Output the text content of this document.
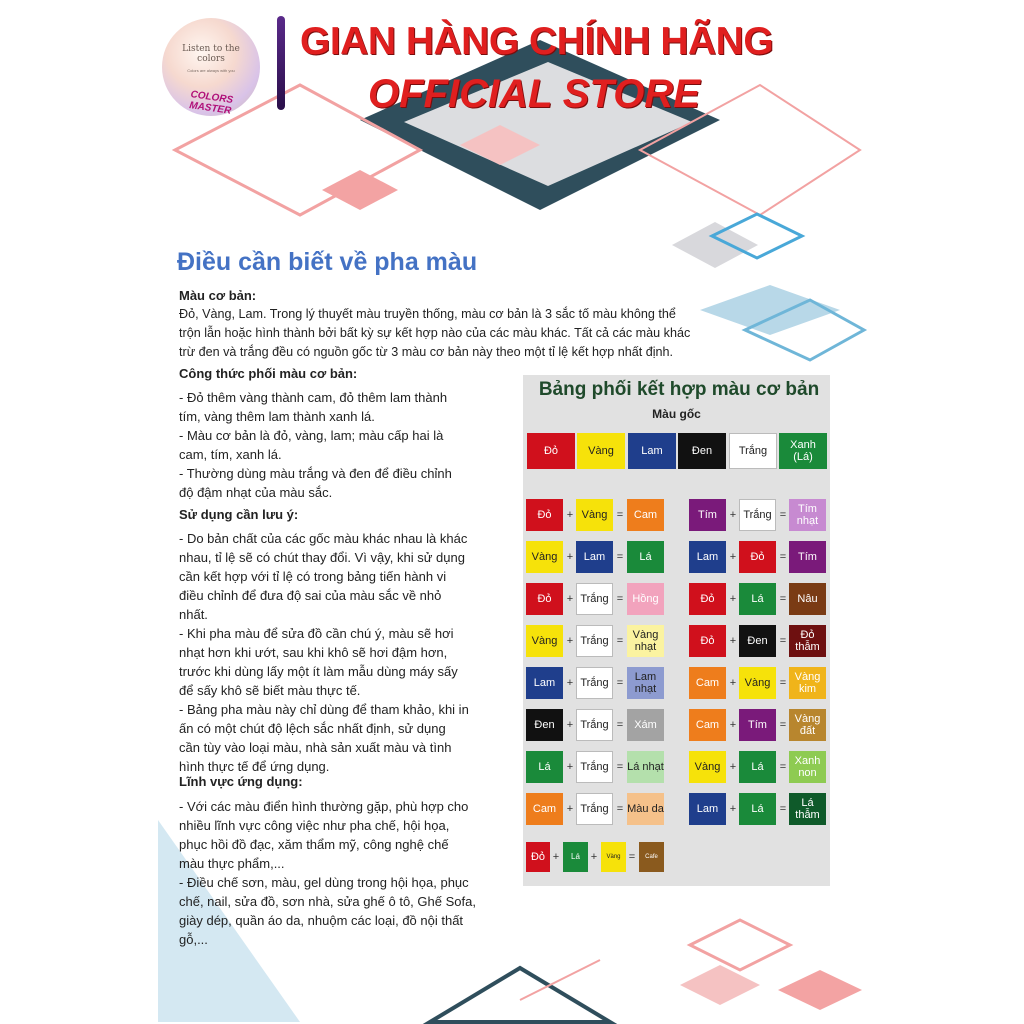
Listen to the
colors
Colors are always with you
COLORS MASTER
GIAN HÀNG CHÍNH HÃNG
OFFICIAL STORE
Điều cần biết về pha màu
Màu cơ bản:
Đỏ, Vàng, Lam. Trong lý thuyết màu truyền thống, màu cơ bản là 3 sắc tố màu không thể
trộn lẫn hoặc hình thành bởi bất kỳ sự kết hợp nào của các màu khác. Tất cả các màu khác
trừ đen và trắng đều có nguồn gốc từ 3 màu cơ bản này theo một tỉ lệ kết hợp nhất định.
Công thức phối màu cơ bản:
- Đỏ thêm vàng thành cam, đỏ thêm lam thành
tím, vàng thêm lam thành xanh lá.
- Màu cơ bản là đỏ, vàng, lam; màu cấp hai là
cam, tím, xanh lá.
- Thường dùng màu trắng và đen để điều chỉnh
độ đậm nhạt của màu sắc.
Sử dụng cần lưu ý:
- Do bản chất của các gốc màu khác nhau là khác
nhau, tỉ lệ sẽ có chút thay đổi. Vì vậy, khi sử dụng
cần kết hợp với tỉ lệ có trong bảng tiến hành vi
điều chỉnh để đưa độ sai của màu sắc về nhỏ
nhất.
- Khi pha màu để sửa đồ cần chú ý, màu sẽ hơi
nhạt hơn khi ướt, sau khi khô sẽ hơi đậm hơn,
trước khi dùng lấy một ít làm mẫu dùng máy sấy
để sấy khô sẽ biết màu thực tế.
- Bảng pha màu này chỉ dùng để tham khảo, khi in
ấn có một chút độ lệch sắc nhất định, sử dụng
cần tùy vào loại màu, nhà sản xuất màu và tình
hình thực tế để ứng dụng.
Lĩnh vực ứng dụng:
- Với các màu điển hình thường gặp, phù hợp cho
nhiều lĩnh vực công việc như pha chế, hội họa,
phục hồi đồ đạc, xăm thẩm mỹ, công nghệ chế
màu thực phẩm,...
- Điều chế sơn, màu, gel dùng trong hội họa, phục
chế, nail, sửa đồ, sơn nhà, sửa ghế ô tô, Ghế Sofa,
giày dép, quần áo da, nhuộm các loại, đồ nội thất
gỗ,...
Bảng phối kết hợp màu cơ bản
Màu gốc
Đỏ	Vàng	Lam	Đen	Trắng	Xanh (Lá)
Đỏ	+ Vàng = Cam
Vàng + Lam	=	Lá
Đỏ	+ Trắng = Hồng
Vàng + Trắng = Vàng nhạt
Lam	+ Trắng =	Lam nhạt
Đen	+ Trắng = Xám
Lá	+ Trắng = Lá nhạt
Cam + Trắng = Màu da
Tím	+ Trắng =	Tím nhạt
Lam	+	Đỏ	=	Tím
Đỏ	+	Lá	=	Nâu
Đỏ	+	Đen	=	Đỏ thẫm
Cam + Vàng = Vàng kim
Cam +	Tím	= Vàng đất
Vàng +	Lá	= Xanh non
Lam	+	Lá	=	Lá thẫm
Đỏ +	Lá +	Vàng =	Cafe
